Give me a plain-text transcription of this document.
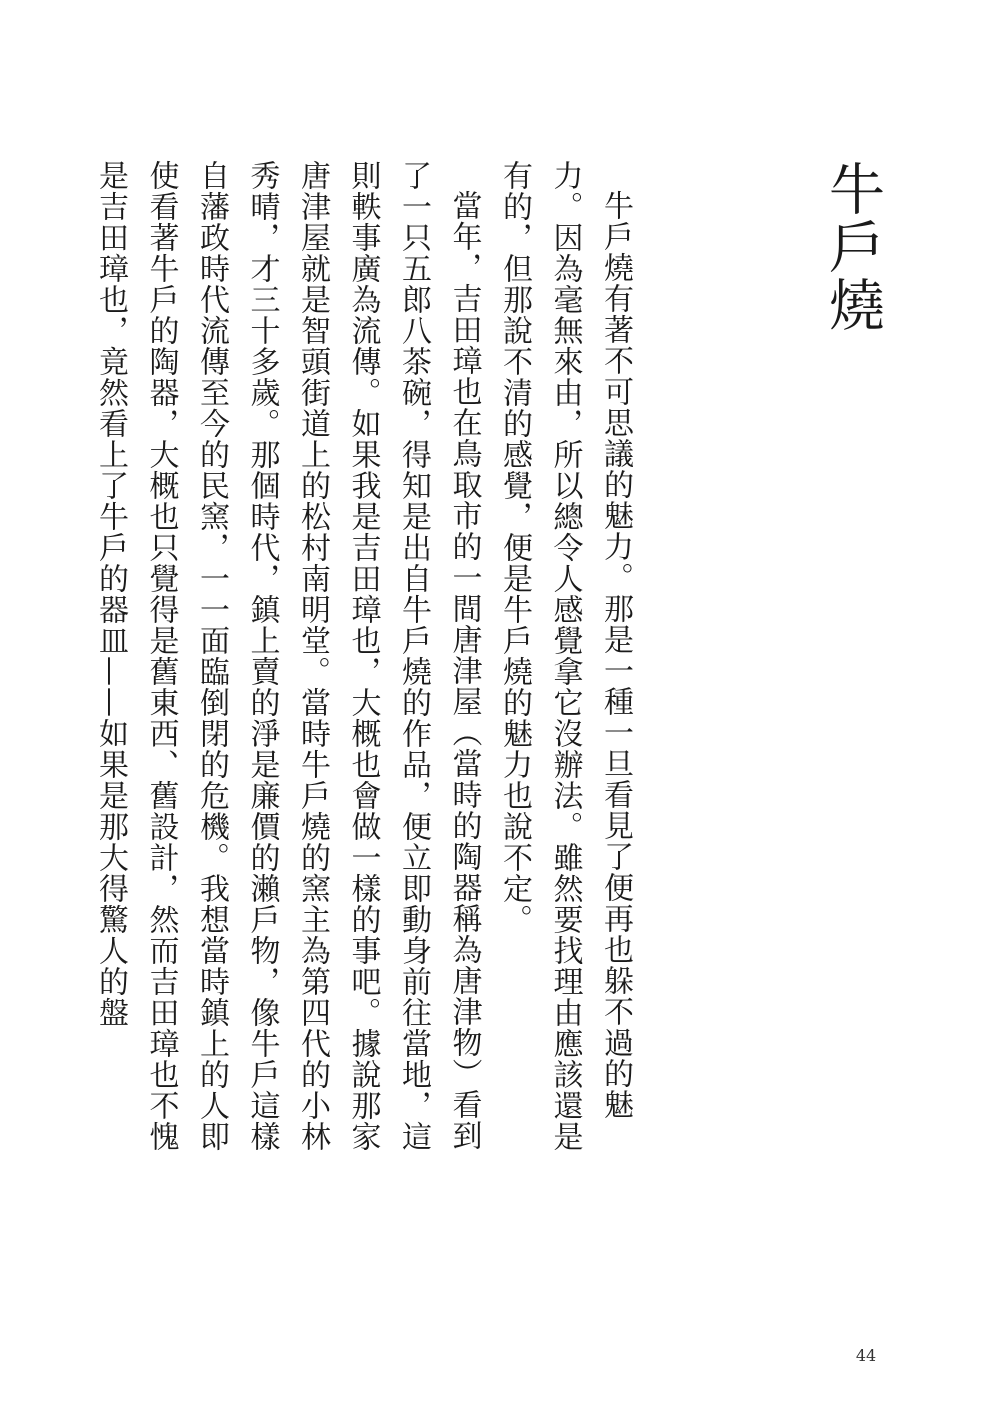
牛戶燒

牛戶燒有著不可思議的魅力。那是一種一旦看見了便再也躲不過的魅力。因為毫無來由，所以總令人感覺拿它沒辦法。雖然要找理由應該還是有的，但那說不清的感覺，便是牛戶燒的魅力也說不定。

當年，吉田璋也在鳥取市的一間唐津屋（當時的陶器稱為唐津物）看到了一只五郎八茶碗，得知是出自牛戶燒的作品，便立即動身前往當地，這則軼事廣為流傳。如果我是吉田璋也，大概也會做一樣的事吧。據說那家唐津屋就是智頭街道上的松村南明堂。當時牛戶燒的窯主為第四代的小林秀晴，才三十多歲。那個時代，鎮上賣的淨是廉價的瀨戶物，像牛戶這樣自藩政時代流傳至今的民窯，一一面臨倒閉的危機。我想當時鎮上的人即使看著牛戶的陶器，大概也只覺得是舊東西、舊設計，然而吉田璋也不愧是吉田璋也，竟然看上了牛戶的器皿——如果是那大得驚人的盤

44
